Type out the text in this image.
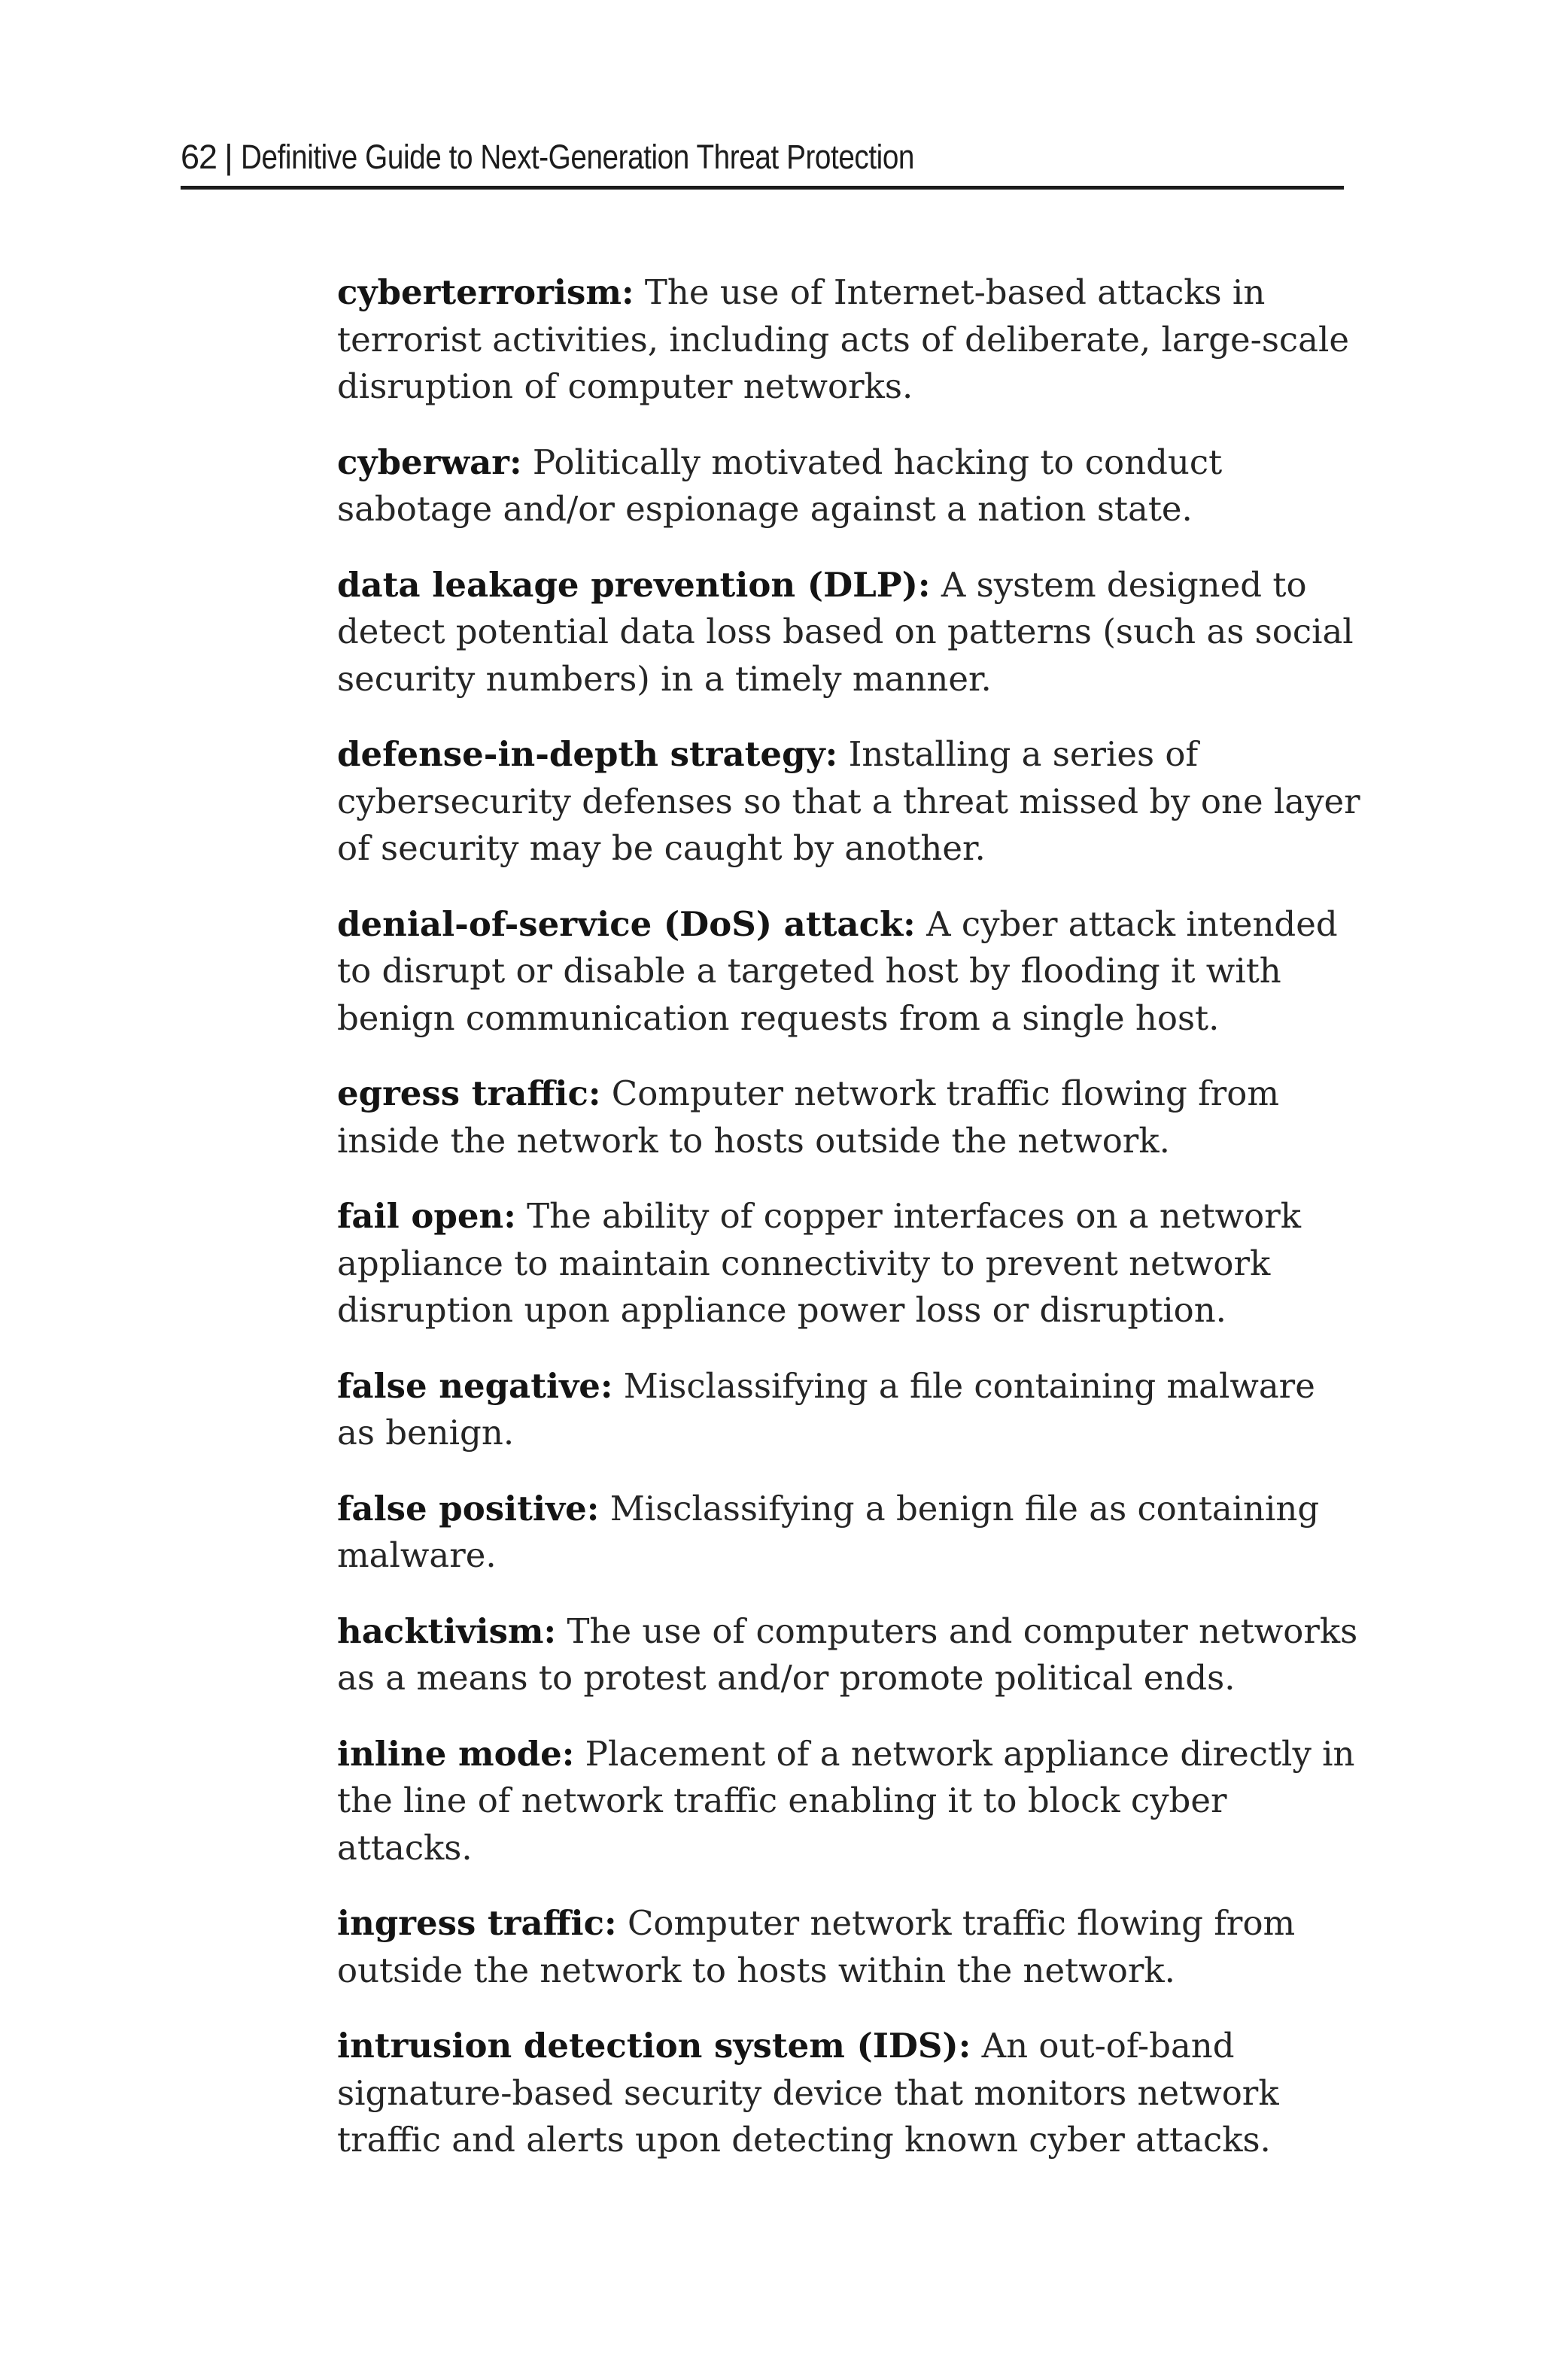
62 | Definitive Guide to Next-Generation Threat Protection

cyberterrorism: The use of Internet-based attacks in terrorist activities, including acts of deliberate, large-scale disruption of computer networks.

cyberwar: Politically motivated hacking to conduct sabotage and/or espionage against a nation state.

data leakage prevention (DLP): A system designed to detect potential data loss based on patterns (such as social security numbers) in a timely manner.

defense-in-depth strategy: Installing a series of cybersecurity defenses so that a threat missed by one layer of security may be caught by another.

denial-of-service (DoS) attack: A cyber attack intended to disrupt or disable a targeted host by flooding it with benign communication requests from a single host.

egress traffic: Computer network traffic flowing from inside the network to hosts outside the network.

fail open: The ability of copper interfaces on a network appliance to maintain connectivity to prevent network disruption upon appliance power loss or disruption.

false negative: Misclassifying a file containing malware as benign.

false positive: Misclassifying a benign file as containing malware.

hacktivism: The use of computers and computer networks as a means to protest and/or promote political ends.

inline mode: Placement of a network appliance directly in the line of network traffic enabling it to block cyber attacks.

ingress traffic: Computer network traffic flowing from outside the network to hosts within the network.

intrusion detection system (IDS): An out-of-band signature-based security device that monitors network traffic and alerts upon detecting known cyber attacks.
